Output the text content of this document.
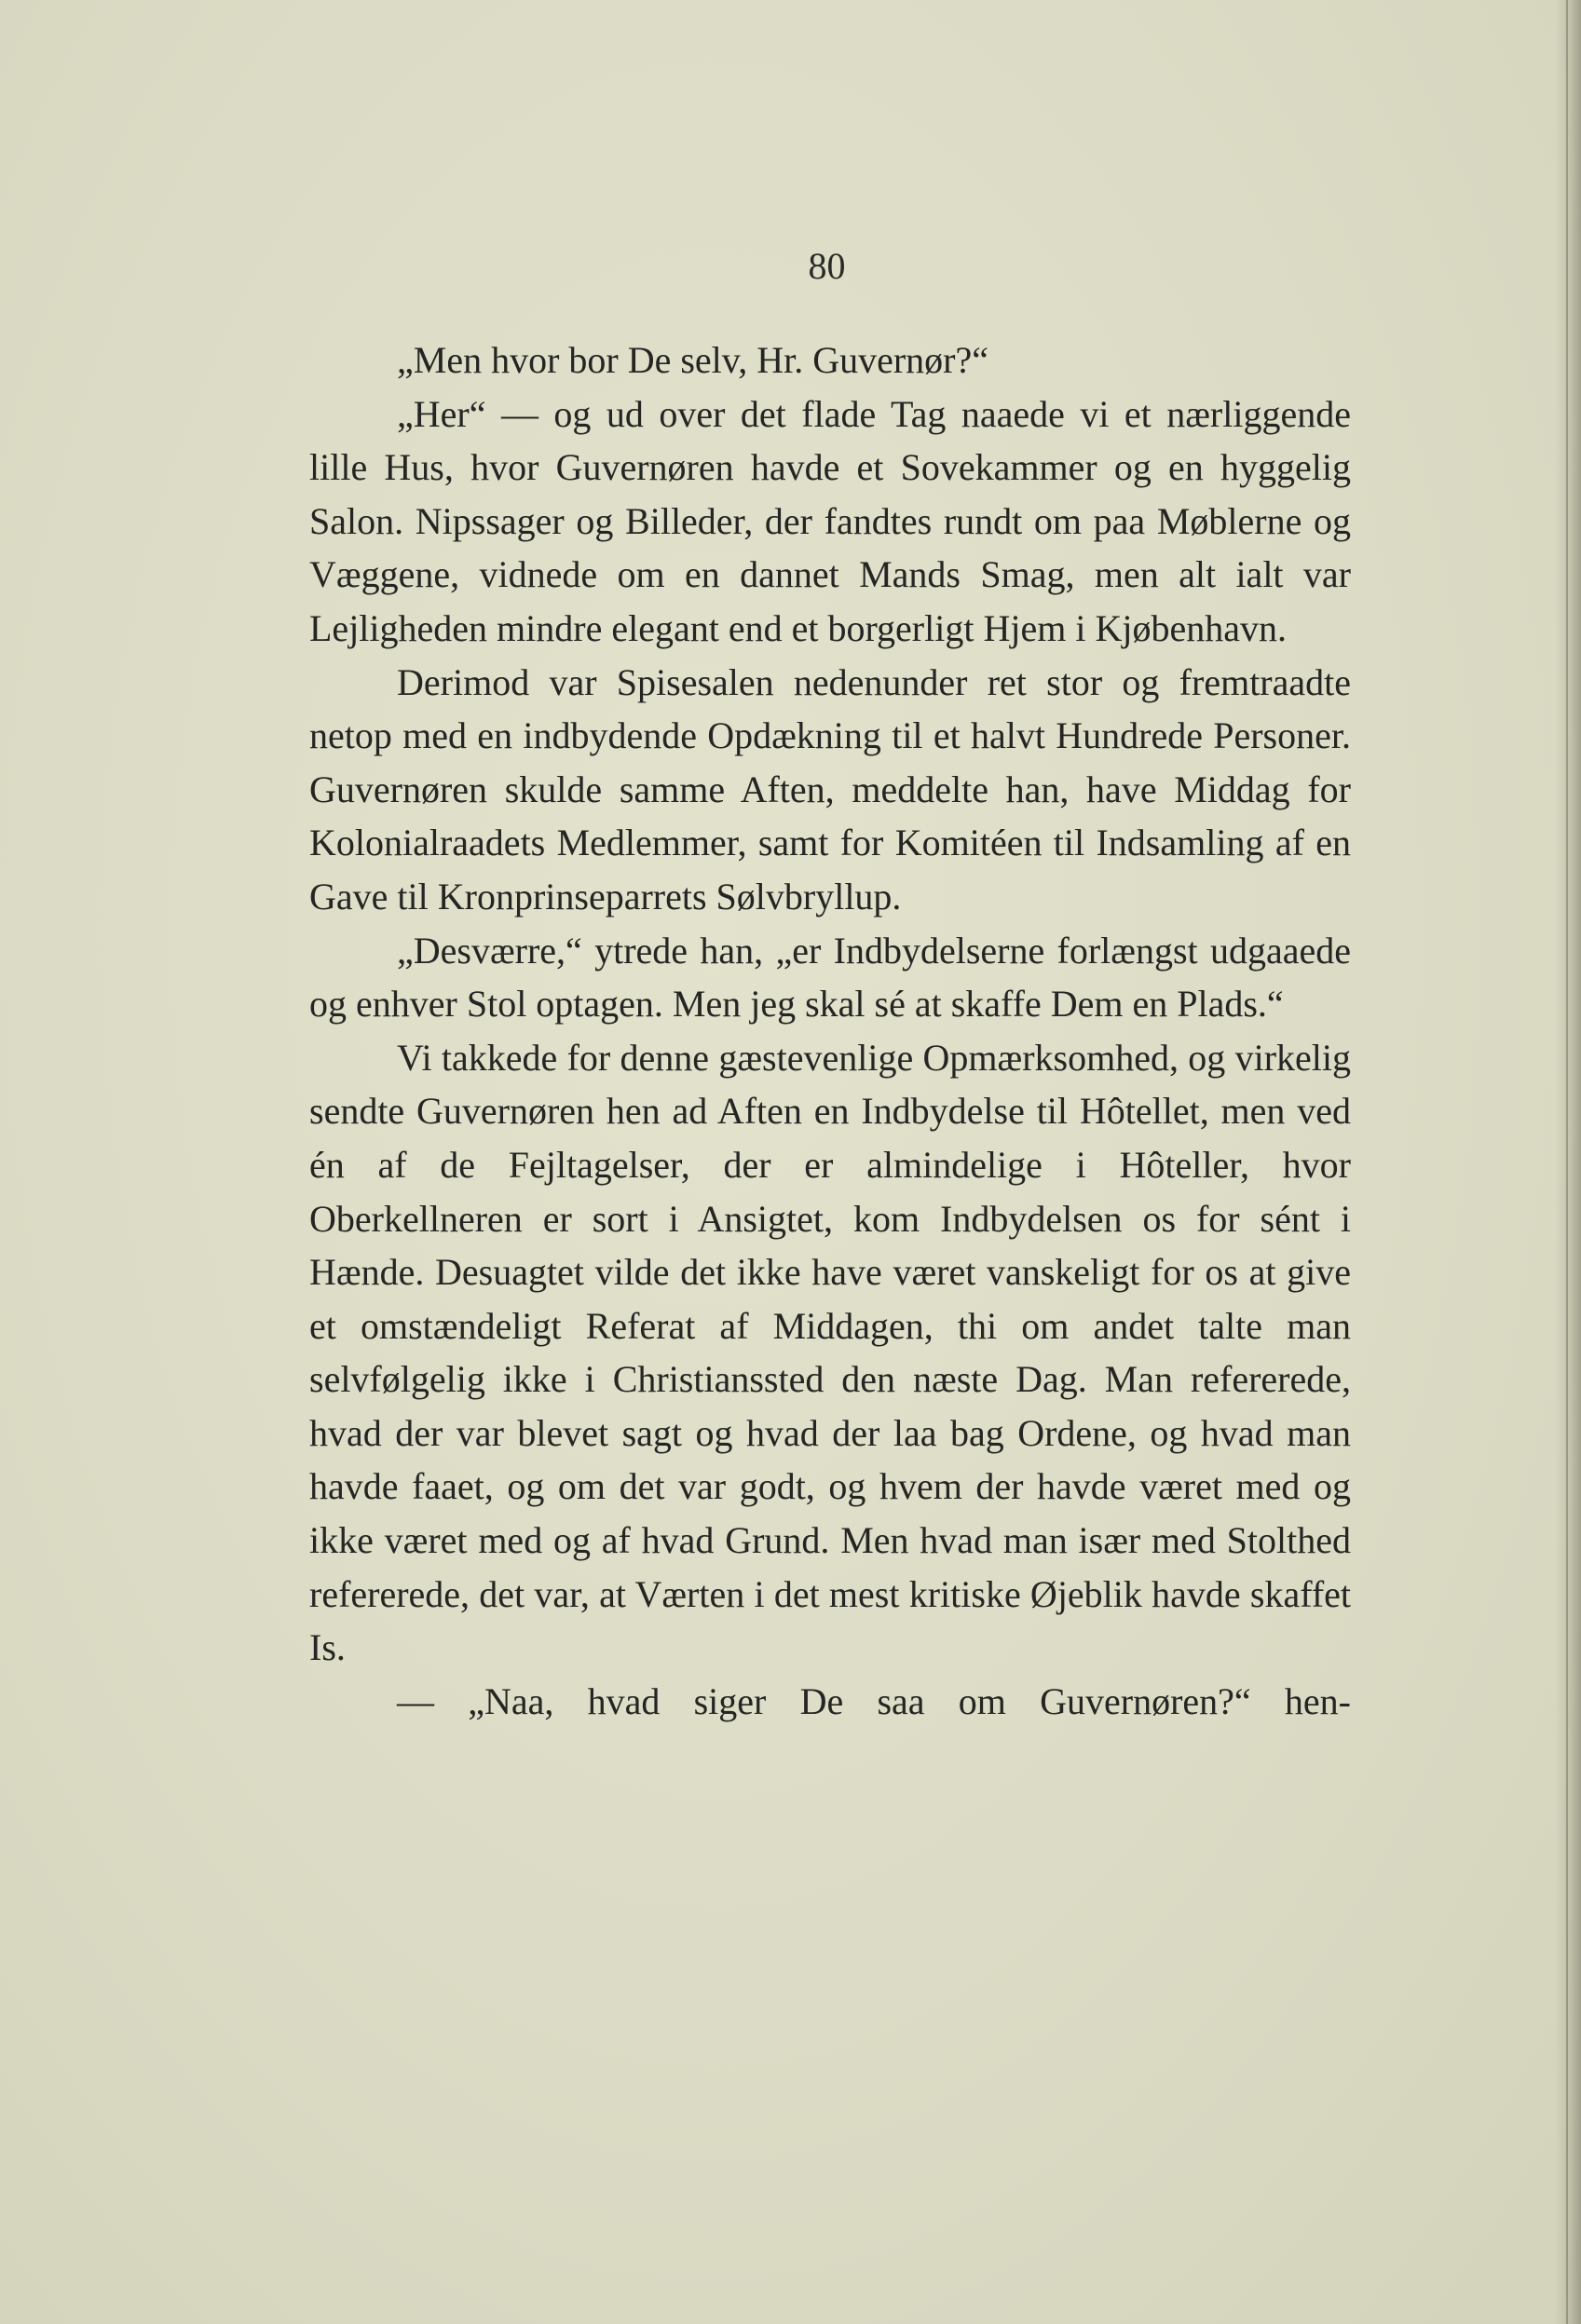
80

„Men hvor bor De selv, Hr. Guvernør?“

„Her“ — og ud over det flade Tag naaede vi et nærliggende lille Hus, hvor Guvernøren havde et Sovekammer og en hyggelig Salon. Nipssager og Billeder, der fandtes rundt om paa Møblerne og Væggene, vidnede om en dannet Mands Smag, men alt ialt var Lejligheden mindre elegant end et borgerligt Hjem i Kjøbenhavn.

Derimod var Spisesalen nedenunder ret stor og fremtraadte netop med en indbydende Opdækning til et halvt Hundrede Personer. Guvernøren skulde samme Aften, meddelte han, have Middag for Kolonialraadets Medlemmer, samt for Komitéen til Indsamling af en Gave til Kronprinseparrets Sølvbryllup.

„Desværre,“ ytrede han, „er Indbydelserne forlængst udgaaede og enhver Stol optagen. Men jeg skal sé at skaffe Dem en Plads.“

Vi takkede for denne gæstevenlige Opmærksomhed, og virkelig sendte Guvernøren hen ad Aften en Indbydelse til Hôtellet, men ved én af de Fejltagelser, der er almindelige i Hôteller, hvor Oberkellneren er sort i Ansigtet, kom Indbydelsen os for sént i Hænde. Desuagtet vilde det ikke have været vanskeligt for os at give et omstændeligt Referat af Middagen, thi om andet talte man selvfølgelig ikke i Christianssted den næste Dag. Man refererede, hvad der var blevet sagt og hvad der laa bag Ordene, og hvad man havde faaet, og om det var godt, og hvem der havde været med og ikke været med og af hvad Grund. Men hvad man især med Stolthed refererede, det var, at Værten i det mest kritiske Øjeblik havde skaffet Is.

— „Naa, hvad siger De saa om Guvernøren?“ hen-
